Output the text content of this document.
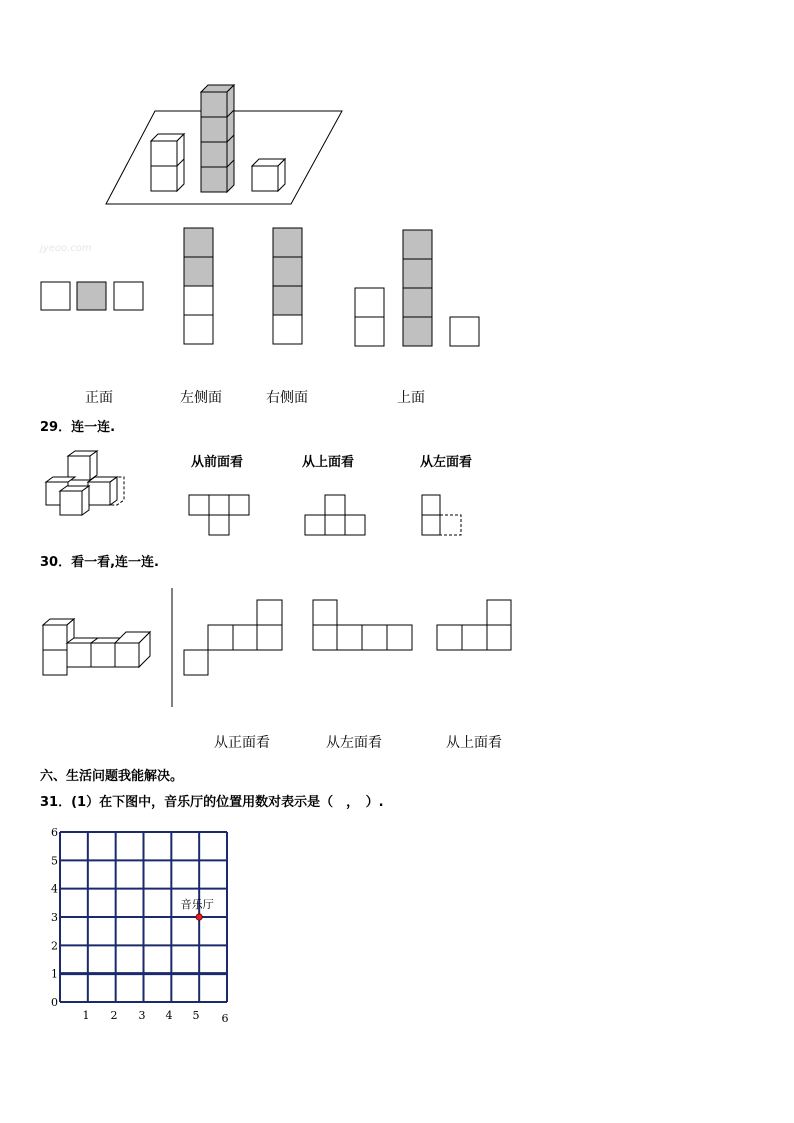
jyeoo.com
正面	左侧面	右侧面	上面
29．连一连.
从前面看	从上面看	从左面看
30．看一看,连一连.
从正面看	从左面看	从上面看
六、生活问题我能解决。
31．(1）在下图中，音乐厅的位置用数对表示是（　，　）.
1 2 3 4 5 6
0
1
2
3
4
5
6
音乐厅
